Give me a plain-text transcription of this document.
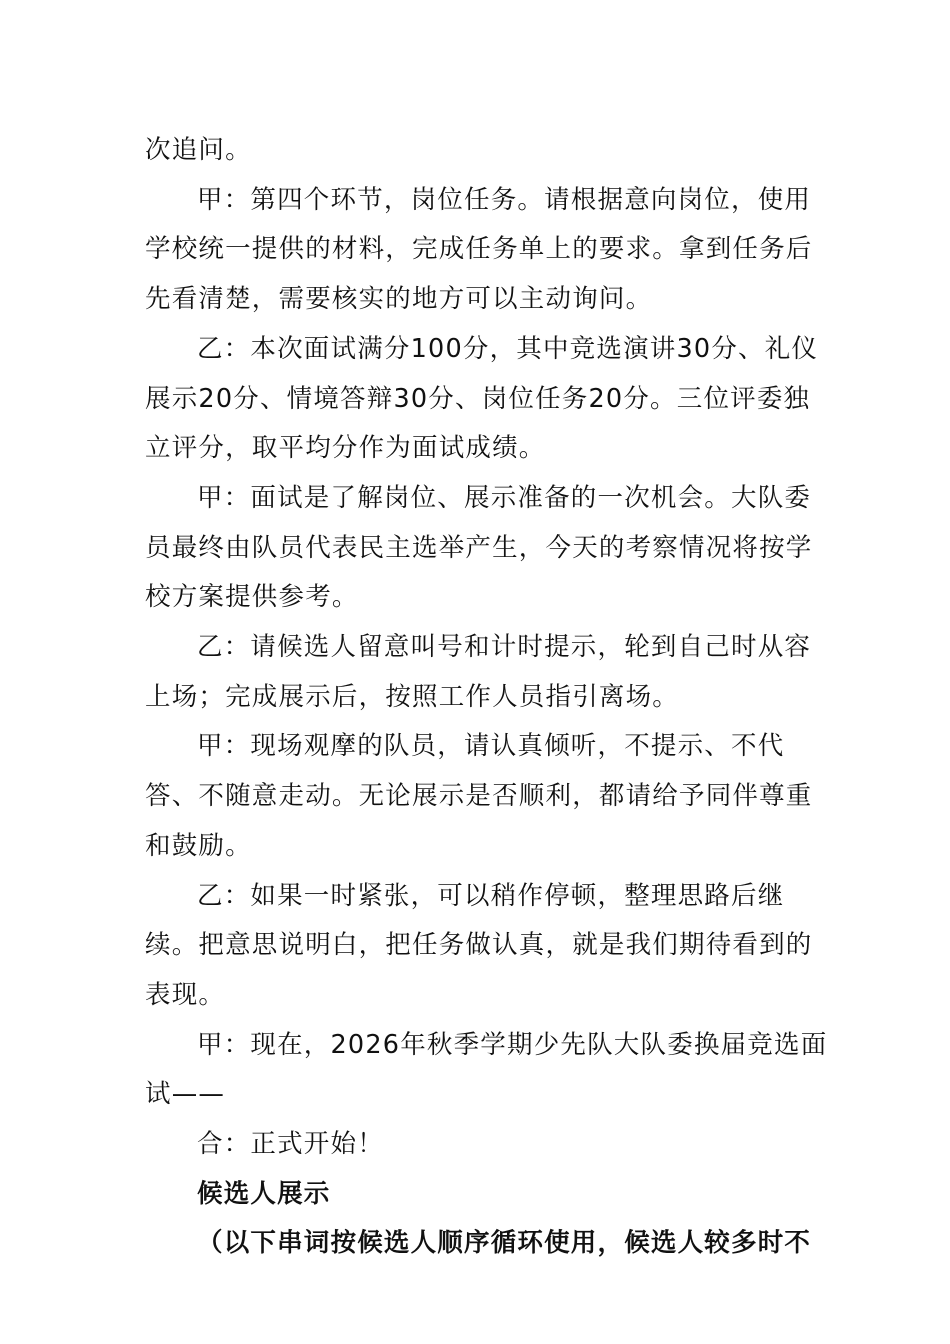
次追问。

甲：第四个环节，岗位任务。请根据意向岗位，使用学校统一提供的材料，完成任务单上的要求。拿到任务后先看清楚，需要核实的地方可以主动询问。

乙：本次面试满分100分，其中竞选演讲30分、礼仪展示20分、情境答辩30分、岗位任务20分。三位评委独立评分，取平均分作为面试成绩。

甲：面试是了解岗位、展示准备的一次机会。大队委员最终由队员代表民主选举产生，今天的考察情况将按学校方案提供参考。

乙：请候选人留意叫号和计时提示，轮到自己时从容上场；完成展示后，按照工作人员指引离场。

甲：现场观摩的队员，请认真倾听，不提示、不代答、不随意走动。无论展示是否顺利，都请给予同伴尊重和鼓励。

乙：如果一时紧张，可以稍作停顿，整理思路后继续。把意思说明白，把任务做认真，就是我们期待看到的表现。

甲：现在，2026年秋季学期少先队大队委换届竞选面试——

合：正式开始！

候选人展示

（以下串词按候选人顺序循环使用，候选人较多时不
